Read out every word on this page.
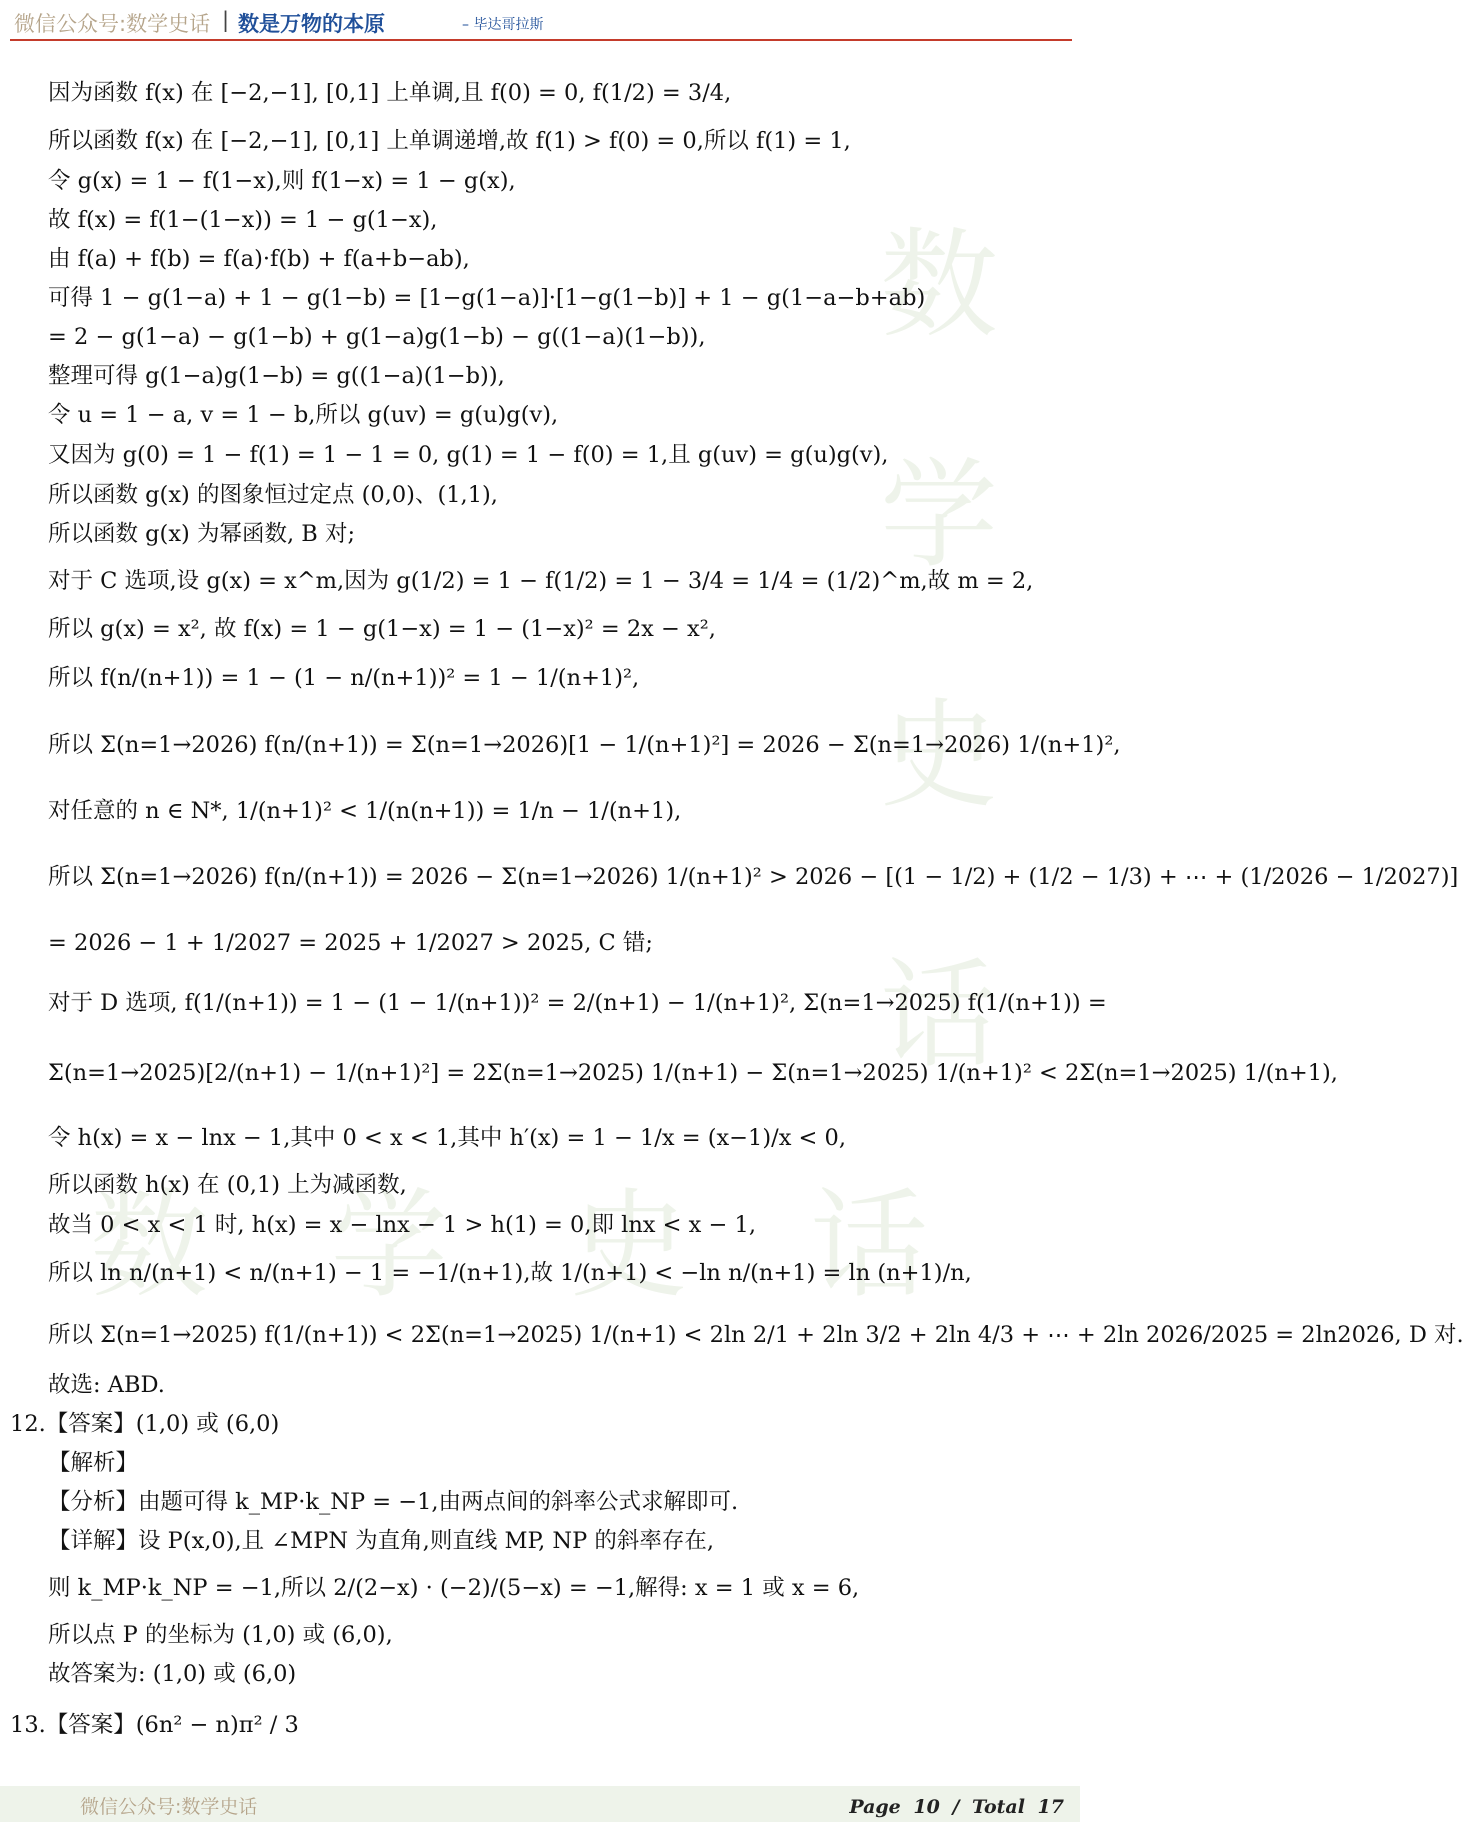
微信公众号:数学史话 | 数是万物的本原	– 毕达哥拉斯
数
学
史
话
数 学 史 话
因为函数 f(x) 在 [−2,−1], [0,1] 上单调,且 f(0) = 0, f(1/2) = 3/4,
所以函数 f(x) 在 [−2,−1], [0,1] 上单调递增,故 f(1) > f(0) = 0,所以 f(1) = 1,
令 g(x) = 1 − f(1−x),则 f(1−x) = 1 − g(x),
故 f(x) = f(1−(1−x)) = 1 − g(1−x),
由 f(a) + f(b) = f(a)·f(b) + f(a+b−ab),
可得 1 − g(1−a) + 1 − g(1−b) = [1−g(1−a)]·[1−g(1−b)] + 1 − g(1−a−b+ab)
= 2 − g(1−a) − g(1−b) + g(1−a)g(1−b) − g((1−a)(1−b)),
整理可得 g(1−a)g(1−b) = g((1−a)(1−b)),
令 u = 1 − a, v = 1 − b,所以 g(uv) = g(u)g(v),
又因为 g(0) = 1 − f(1) = 1 − 1 = 0, g(1) = 1 − f(0) = 1,且 g(uv) = g(u)g(v),
所以函数 g(x) 的图象恒过定点 (0,0)、(1,1),
所以函数 g(x) 为幂函数, B 对;
对于 C 选项,设 g(x) = x^m,因为 g(1/2) = 1 − f(1/2) = 1 − 3/4 = 1/4 = (1/2)^m,故 m = 2,
所以 g(x) = x², 故 f(x) = 1 − g(1−x) = 1 − (1−x)² = 2x − x²,
所以 f(n/(n+1)) = 1 − (1 − n/(n+1))² = 1 − 1/(n+1)²,
所以 Σ(n=1→2026) f(n/(n+1)) = Σ(n=1→2026)[1 − 1/(n+1)²] = 2026 − Σ(n=1→2026) 1/(n+1)²,
对任意的 n ∈ N*, 1/(n+1)² < 1/(n(n+1)) = 1/n − 1/(n+1),
所以 Σ(n=1→2026) f(n/(n+1)) = 2026 − Σ(n=1→2026) 1/(n+1)² > 2026 − [(1 − 1/2) + (1/2 − 1/3) + ⋯ + (1/2026 − 1/2027)]
= 2026 − 1 + 1/2027 = 2025 + 1/2027 > 2025, C 错;
对于 D 选项, f(1/(n+1)) = 1 − (1 − 1/(n+1))² = 2/(n+1) − 1/(n+1)², Σ(n=1→2025) f(1/(n+1)) =
Σ(n=1→2025)[2/(n+1) − 1/(n+1)²] = 2Σ(n=1→2025) 1/(n+1) − Σ(n=1→2025) 1/(n+1)² < 2Σ(n=1→2025) 1/(n+1),
令 h(x) = x − lnx − 1,其中 0 < x < 1,其中 h′(x) = 1 − 1/x = (x−1)/x < 0,
所以函数 h(x) 在 (0,1) 上为减函数,
故当 0 < x < 1 时, h(x) = x − lnx − 1 > h(1) = 0,即 lnx < x − 1,
所以 ln n/(n+1) < n/(n+1) − 1 = −1/(n+1),故 1/(n+1) < −ln n/(n+1) = ln (n+1)/n,
所以 Σ(n=1→2025) f(1/(n+1)) < 2Σ(n=1→2025) 1/(n+1) < 2ln 2/1 + 2ln 3/2 + 2ln 4/3 + ⋯ + 2ln 2026/2025 = 2ln2026, D 对.
故选: ABD.
12.【答案】(1,0) 或 (6,0)
【解析】
【分析】由题可得 k_MP·k_NP = −1,由两点间的斜率公式求解即可.
【详解】设 P(x,0),且 ∠MPN 为直角,则直线 MP, NP 的斜率存在,
则 k_MP·k_NP = −1,所以 2/(2−x) · (−2)/(5−x) = −1,解得: x = 1 或 x = 6,
所以点 P 的坐标为 (1,0) 或 (6,0),
故答案为: (1,0) 或 (6,0)
13.【答案】(6n² − n)π² / 3
微信公众号:数学史话	Page 10 / Total 17
